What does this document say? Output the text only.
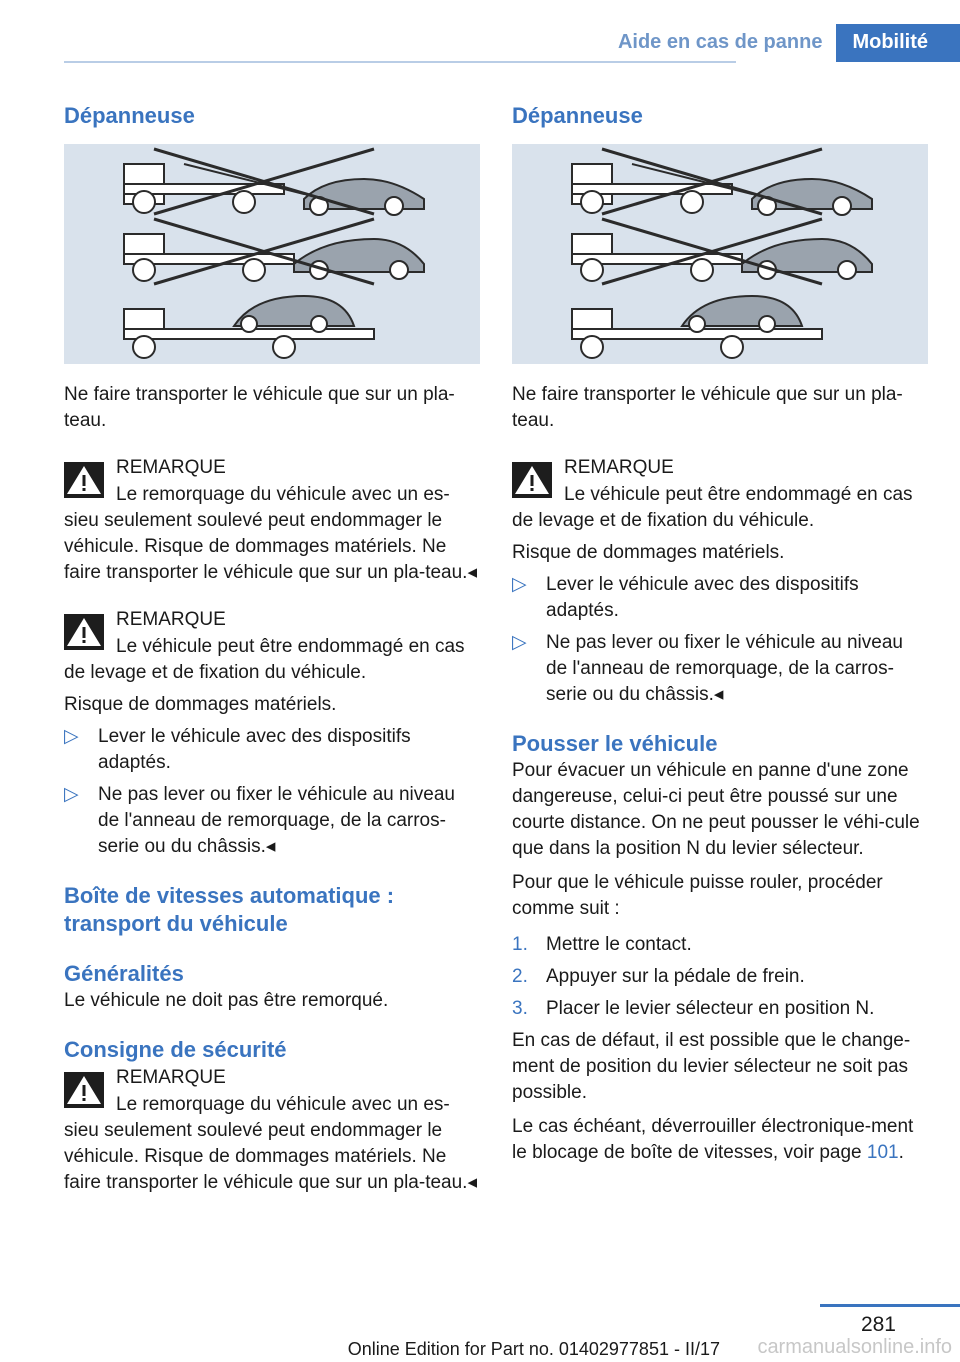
Aide en cas de panne	Mobilité
Dépanneuse

Ne faire transporter le véhicule que sur un pla-
teau.

REMARQUE
Le remorquage du véhicule avec un es-
sieu seulement soulevé peut endommager le véhicule. Risque de dommages matériels. Ne faire transporter le véhicule que sur un pla-teau.◂
REMARQUE
Le véhicule peut être endommagé en cas
de levage et de fixation du véhicule.

Risque de dommages matériels.

▷ Lever le véhicule avec des dispositifs adaptés.
▷ Ne pas lever ou fixer le véhicule au niveau de l'anneau de remorquage, de la carros-serie ou du châssis.◂
Boîte de vitesses automatique : transport du véhicule
Généralités

Le véhicule ne doit pas être remorqué.

Consigne de sécurité
REMARQUE
Le remorquage du véhicule avec un es-
sieu seulement soulevé peut endommager le véhicule. Risque de dommages matériels. Ne faire transporter le véhicule que sur un pla-teau.◂
Dépanneuse

Ne faire transporter le véhicule que sur un pla-
teau.

REMARQUE
Le véhicule peut être endommagé en cas
de levage et de fixation du véhicule.

Risque de dommages matériels.

▷ Lever le véhicule avec des dispositifs adaptés.
▷ Ne pas lever ou fixer le véhicule au niveau de l'anneau de remorquage, de la carros-serie ou du châssis.◂
Pousser le véhicule

Pour évacuer un véhicule en panne d'une zone dangereuse, celui-ci peut être poussé sur une courte distance. On ne peut pousser le véhi-cule que dans la position N du levier sélecteur.

Pour que le véhicule puisse rouler, procéder comme suit :

1. Mettre le contact.
2. Appuyer sur la pédale de frein.
3. Placer le levier sélecteur en position N.

En cas de défaut, il est possible que le change-ment de position du levier sélecteur ne soit pas possible.

Le cas échéant, déverrouiller électronique-ment le blocage de boîte de vitesses, voir page 101.

281
Online Edition for Part no. 01402977851 - II/17 carmanualsonline.info
